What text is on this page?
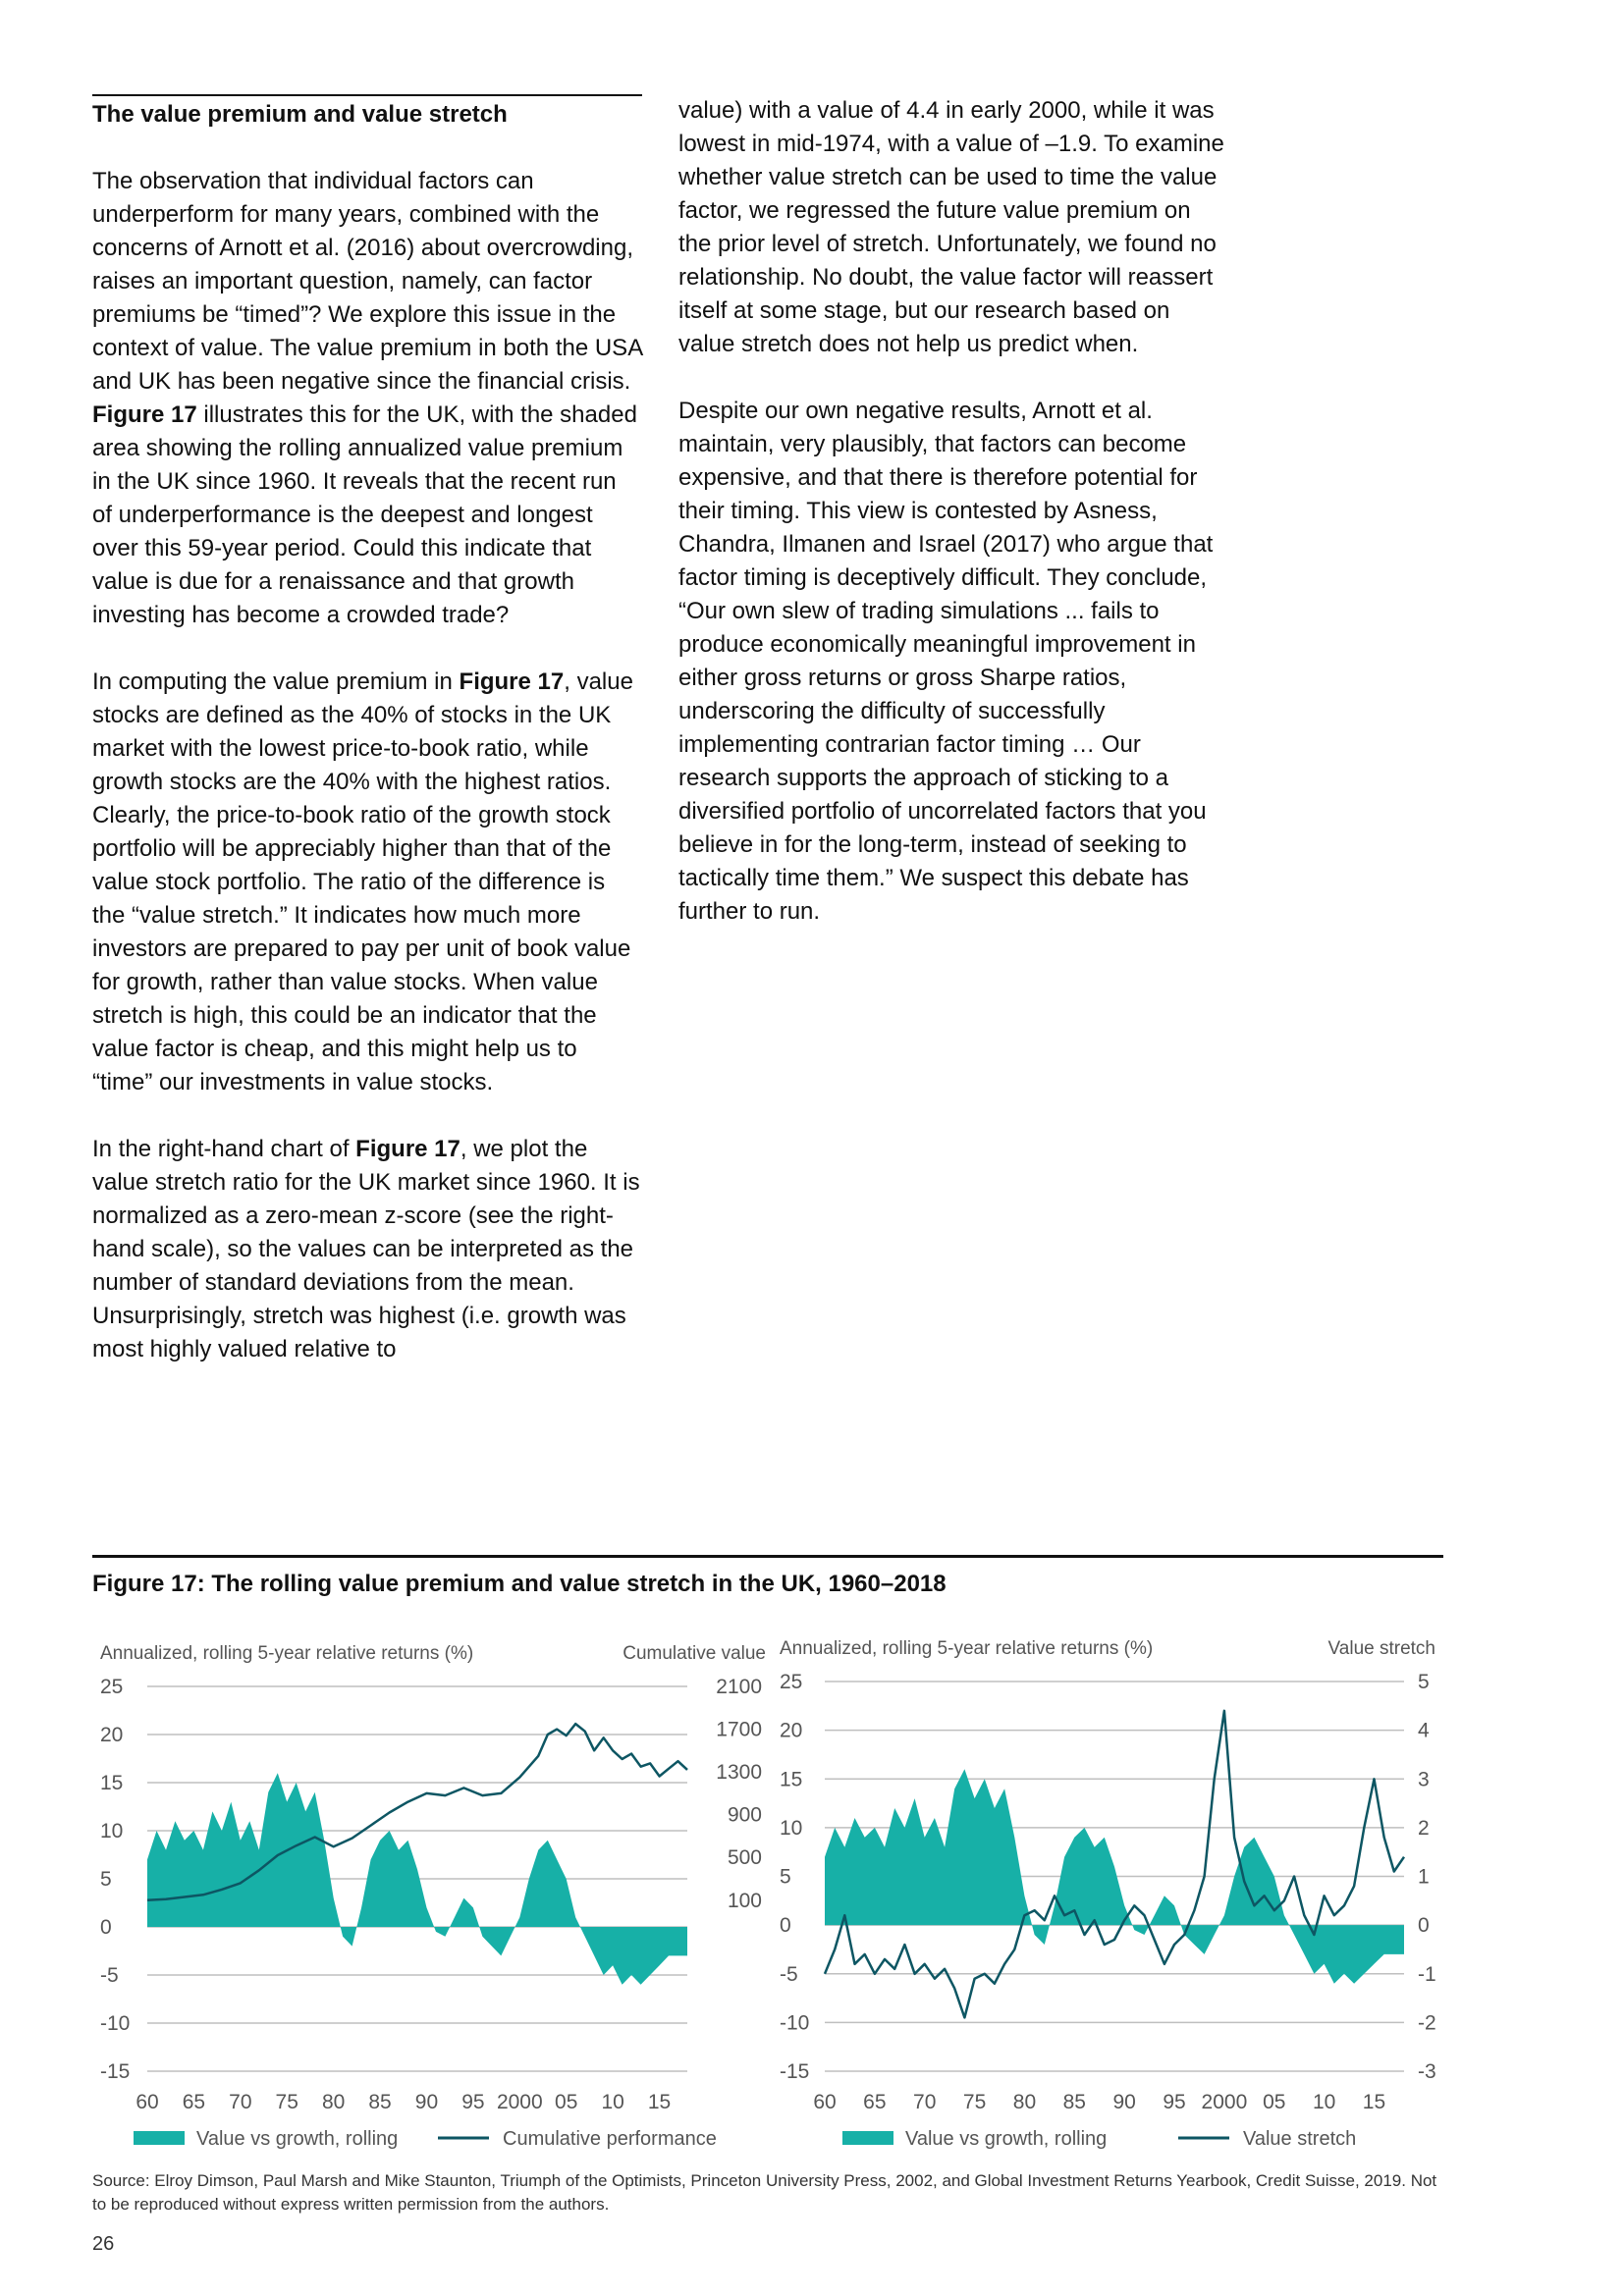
The value premium and value stretch

The observation that individual factors can underperform for many years, combined with the concerns of Arnott et al. (2016) about overcrowding, raises an important question, namely, can factor premiums be “timed”? We explore this issue in the context of value. The value premium in both the USA and UK has been negative since the financial crisis. Figure 17 illustrates this for the UK, with the shaded area showing the rolling annualized value premium in the UK since 1960. It reveals that the recent run of underperformance is the deepest and longest over this 59-year period. Could this indicate that value is due for a renaissance and that growth investing has become a crowded trade?

In computing the value premium in Figure 17, value stocks are defined as the 40% of stocks in the UK market with the lowest price-to-book ratio, while growth stocks are the 40% with the highest ratios. Clearly, the price-to-book ratio of the growth stock portfolio will be appreciably higher than that of the value stock portfolio. The ratio of the difference is the “value stretch.” It indicates how much more investors are prepared to pay per unit of book value for growth, rather than value stocks. When value stretch is high, this could be an indicator that the value factor is cheap, and this might help us to “time” our investments in value stocks.

In the right-hand chart of Figure 17, we plot the value stretch ratio for the UK market since 1960. It is normalized as a zero-mean z-score (see the right-hand scale), so the values can be interpreted as the number of standard deviations from the mean. Unsurprisingly, stretch was highest (i.e. growth was most highly valued relative to

value) with a value of 4.4 in early 2000, while it was lowest in mid-1974, with a value of –1.9. To examine whether value stretch can be used to time the value factor, we regressed the future value premium on the prior level of stretch. Unfortunately, we found no relationship. No doubt, the value factor will reassert itself at some stage, but our research based on value stretch does not help us predict when.

Despite our own negative results, Arnott et al. maintain, very plausibly, that factors can become expensive, and that there is therefore potential for their timing. This view is contested by Asness, Chandra, Ilmanen and Israel (2017) who argue that factor timing is deceptively difficult. They conclude, “Our own slew of trading simulations ... fails to produce economically meaningful improvement in either gross returns or gross Sharpe ratios, underscoring the difficulty of successfully implementing contrarian factor timing … Our research supports the approach of sticking to a diversified portfolio of uncorrelated factors that you believe in for the long-term, instead of seeking to tactically time them.” We suspect this debate has further to run.

Figure 17: The rolling value premium and value stretch in the UK, 1960–2018
Annualized, rolling 5-year relative returns (%)	Cumulative value
25
20
15
10
5
0
-5
-10
-15
2100
1700
1300
900
500
100
60 65 70 75 80 85 90 95 2000 05 10 15
Value vs growth, rolling	Cumulative performance
Annualized, rolling 5-year relative returns (%)	Value stretch
25
20
15
10
5
0
-5
-10
-15
5
4
3
2
1
0
-1
-2
-3
60 65 70 75 80 85 90 95 2000 05 10 15
Value vs growth, rolling	Value stretch
Source: Elroy Dimson, Paul Marsh and Mike Staunton, Triumph of the Optimists, Princeton University Press, 2002, and Global Investment Returns Yearbook, Credit Suisse, 2019. Not to be reproduced without express written permission from the authors.
26
